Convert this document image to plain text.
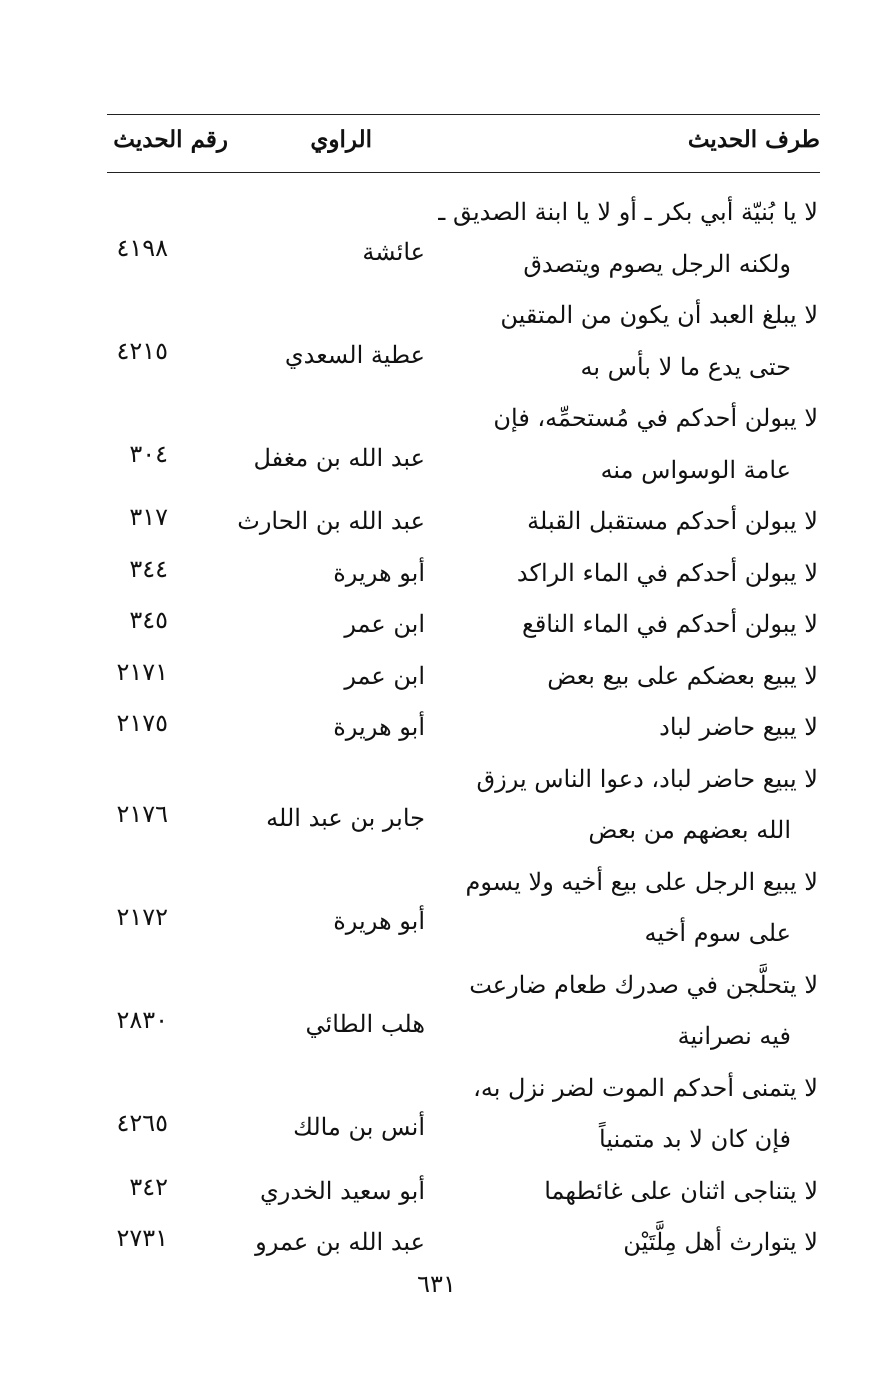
طرف الحديث
الراوي
رقم الحديث
لا يا بُنيّة أبي بكر ـ أو لا يا ابنة الصديق ـ
ولكنه الرجل يصوم ويتصدق
عائشة
٤١٩٨
لا يبلغ العبد أن يكون من المتقين
حتى يدع ما لا بأس به
عطية السعدي
٤٢١٥
لا يبولن أحدكم في مُستحمِّه، فإن
عامة الوسواس منه
عبد الله بن مغفل
٣٠٤
لا يبولن أحدكم مستقبل القبلة
عبد الله بن الحارث
٣١٧
لا يبولن أحدكم في الماء الراكد
أبو هريرة
٣٤٤
لا يبولن أحدكم في الماء الناقع
ابن عمر
٣٤٥
لا يبيع بعضكم على بيع بعض
ابن عمر
٢١٧١
لا يبيع حاضر لباد
أبو هريرة
٢١٧٥
لا يبيع حاضر لباد، دعوا الناس يرزق
الله بعضهم من بعض
جابر بن عبد الله
٢١٧٦
لا يبيع الرجل على بيع أخيه ولا يسوم
على سوم أخيه
أبو هريرة
٢١٧٢
لا يتحلَّجن في صدرك طعام ضارعت
فيه نصرانية
هلب الطائي
٢٨٣٠
لا يتمنى أحدكم الموت لضر نزل به،
فإن كان لا بد متمنياً
أنس بن مالك
٤٢٦٥
لا يتناجى اثنان على غائطهما
أبو سعيد الخدري
٣٤٢
لا يتوارث أهل مِلَّتَيْن
عبد الله بن عمرو
٢٧٣١
٦٣١
